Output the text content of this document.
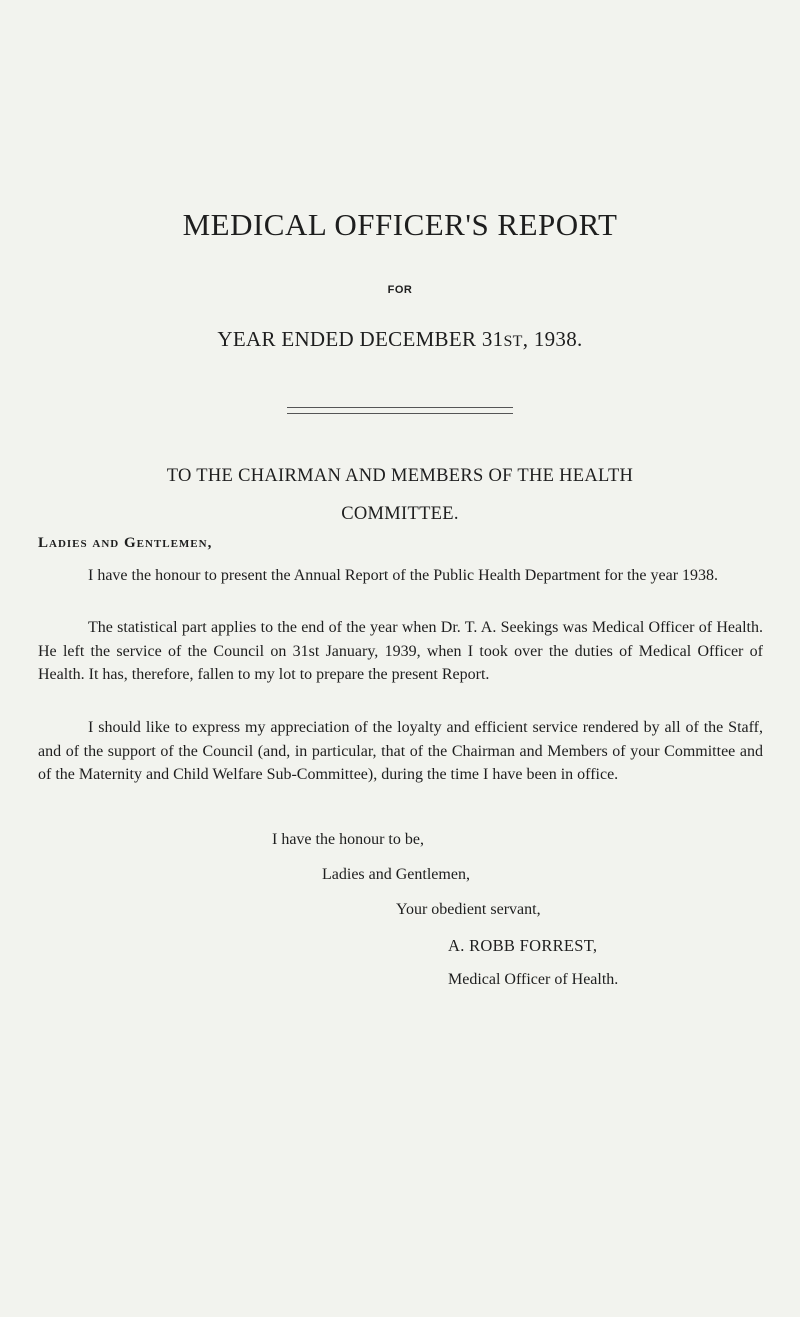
MEDICAL OFFICER'S REPORT
FOR
YEAR ENDED DECEMBER 31ST, 1938.
TO THE CHAIRMAN AND MEMBERS OF THE HEALTH
COMMITTEE.
Ladies and Gentlemen,

I have the honour to present the Annual Report of the Public Health Department for the year 1938.

The statistical part applies to the end of the year when Dr. T. A. Seekings was Medical Officer of Health. He left the service of the Council on 31st January, 1939, when I took over the duties of Medical Officer of Health. It has, therefore, fallen to my lot to prepare the present Report.

I should like to express my appreciation of the loyalty and efficient service rendered by all of the Staff, and of the support of the Council (and, in particular, that of the Chairman and Members of your Committee and of the Maternity and Child Welfare Sub-Committee), during the time I have been in office.

I have the honour to be,
Ladies and Gentlemen,
Your obedient servant,
A. ROBB FORREST,
Medical Officer of Health.
